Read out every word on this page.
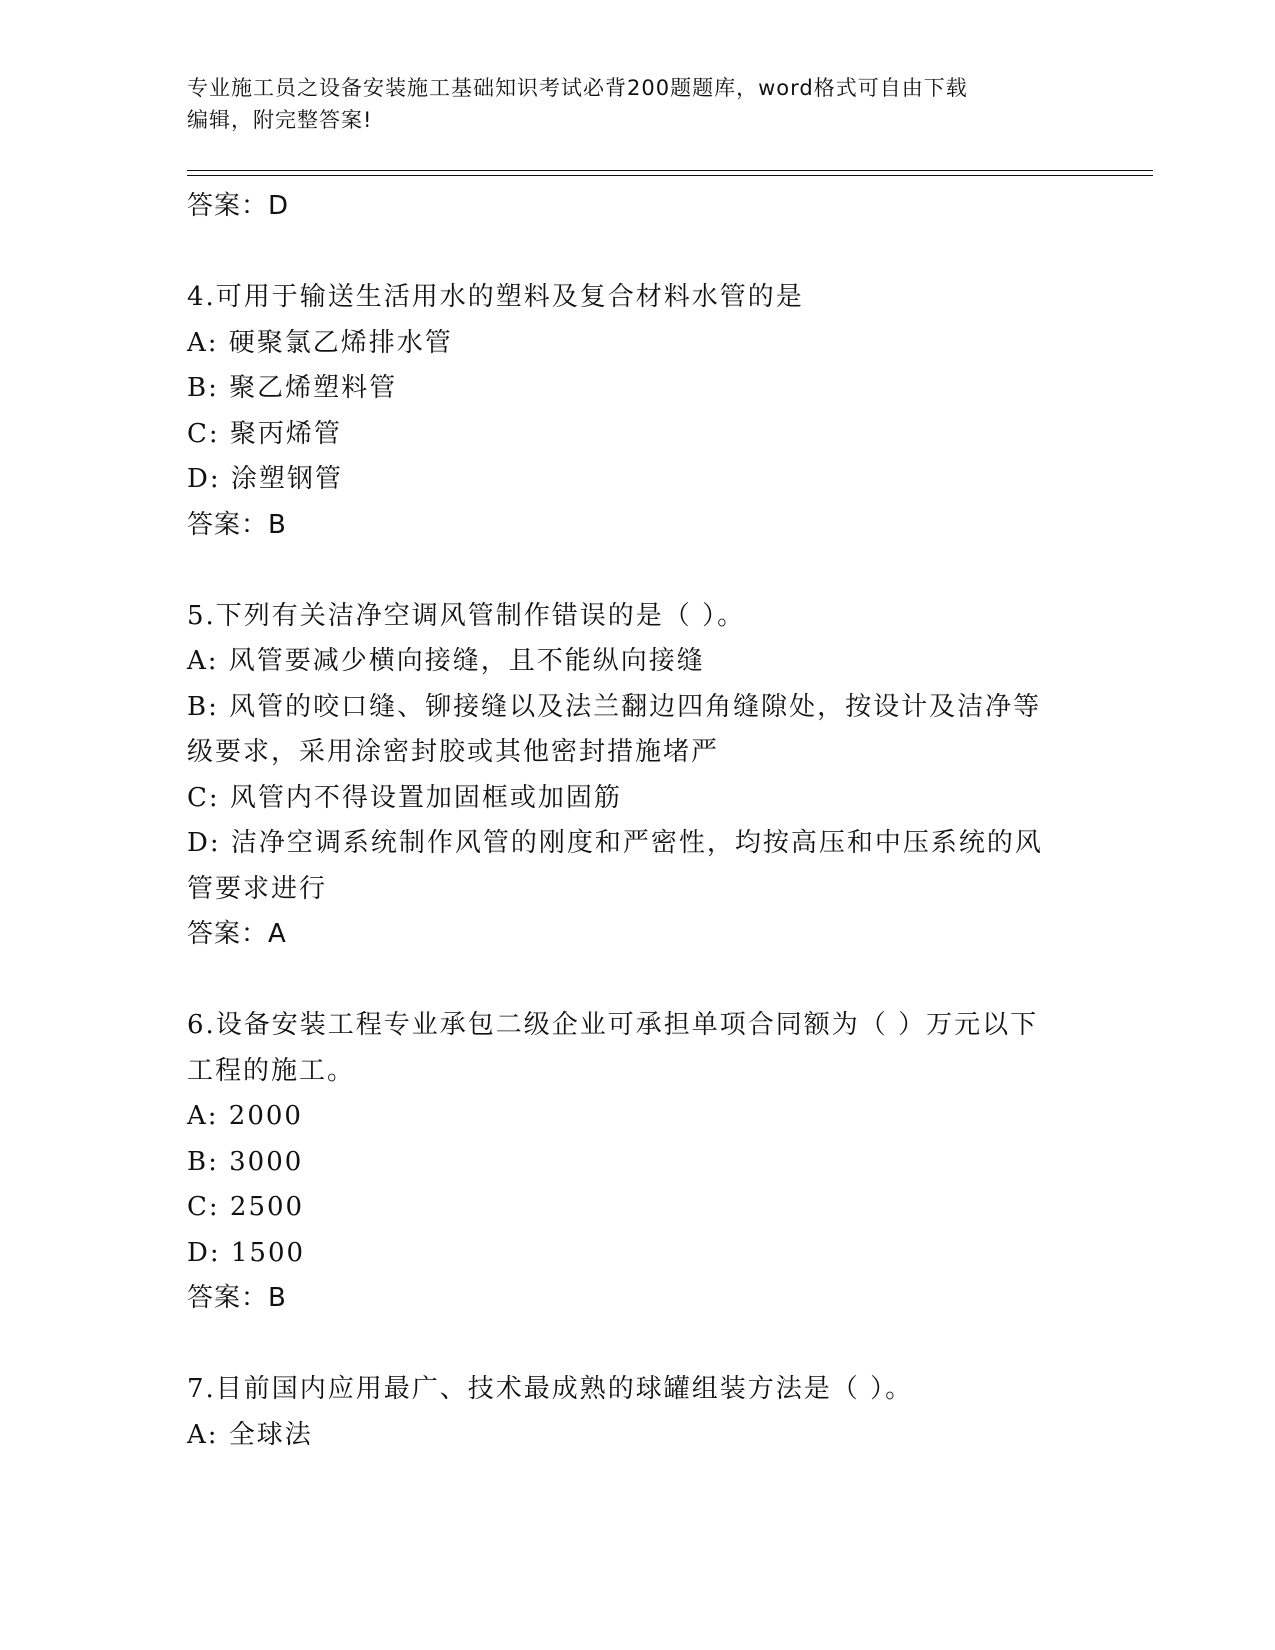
专业施工员之设备安装施工基础知识考试必背200题题库，word格式可自由下载
编辑，附完整答案!
答案：D
4.可用于输送生活用水的塑料及复合材料水管的是
A: 硬聚氯乙烯排水管
B: 聚乙烯塑料管
C: 聚丙烯管
D: 涂塑钢管
答案：B
5.下列有关洁净空调风管制作错误的是（ ）。
A: 风管要减少横向接缝，且不能纵向接缝
B: 风管的咬口缝、铆接缝以及法兰翻边四角缝隙处，按设计及洁净等
级要求，采用涂密封胶或其他密封措施堵严
C: 风管内不得设置加固框或加固筋
D: 洁净空调系统制作风管的刚度和严密性，均按高压和中压系统的风
管要求进行
答案：A
6.设备安装工程专业承包二级企业可承担单项合同额为（ ）万元以下
工程的施工。
A: 2000
B: 3000
C: 2500
D: 1500
答案：B
7.目前国内应用最广、技术最成熟的球罐组装方法是（ ）。
A: 全球法
